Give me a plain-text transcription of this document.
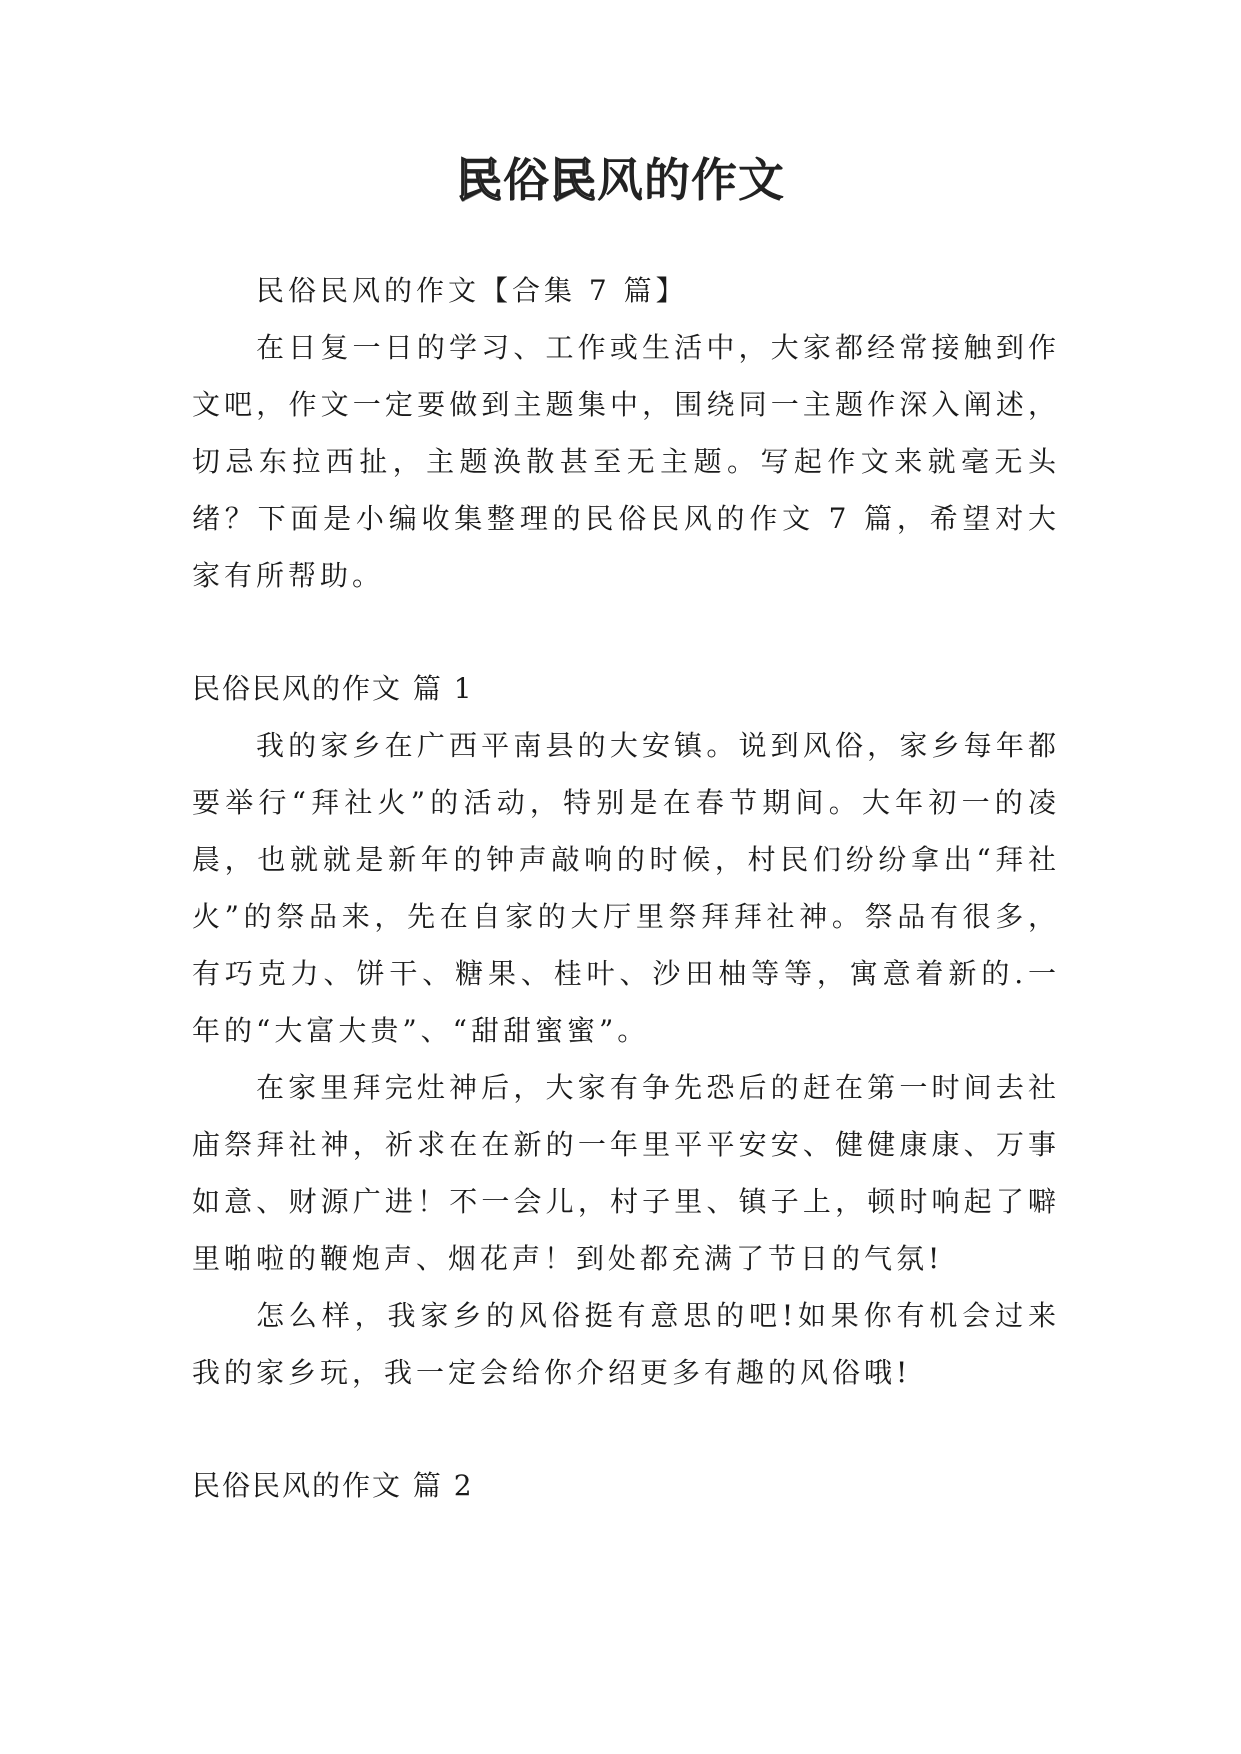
民俗民风的作文

民俗民风的作文【合集 7 篇】

在日复一日的学习、工作或生活中，大家都经常接触到作文吧，作文一定要做到主题集中，围绕同一主题作深入阐述，切忌东拉西扯，主题涣散甚至无主题。写起作文来就毫无头绪？下面是小编收集整理的民俗民风的作文 7 篇，希望对大家有所帮助。

民俗民风的作文 篇 1

我的家乡在广西平南县的大安镇。说到风俗，家乡每年都要举行“拜社火”的活动，特别是在春节期间。大年初一的凌晨，也就就是新年的钟声敲响的时候，村民们纷纷拿出“拜社火”的祭品来，先在自家的大厅里祭拜拜社神。祭品有很多，有巧克力、饼干、糖果、桂叶、沙田柚等等，寓意着新的.一年的“大富大贵”、“甜甜蜜蜜”。

在家里拜完灶神后，大家有争先恐后的赶在第一时间去社庙祭拜社神，祈求在在新的一年里平平安安、健健康康、万事如意、财源广进！不一会儿，村子里、镇子上，顿时响起了噼里啪啦的鞭炮声、烟花声！到处都充满了节日的气氛!

怎么样，我家乡的风俗挺有意思的吧!如果你有机会过来我的家乡玩，我一定会给你介绍更多有趣的风俗哦!

民俗民风的作文 篇 2
